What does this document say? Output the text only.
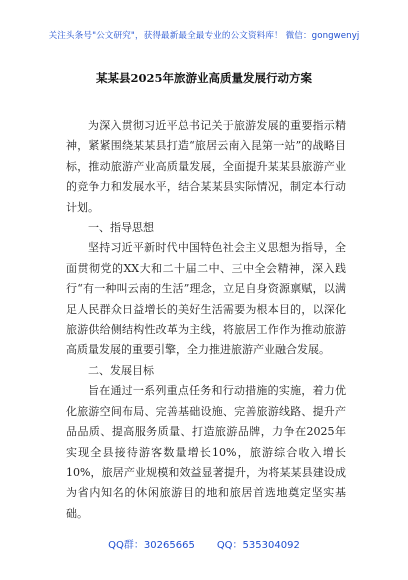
关注头条号"公文研究"，获得最新最全最专业的公文资料库！ 微信：gongwenyj
某某县2025年旅游业高质量发展行动方案

为深入贯彻习近平总书记关于旅游发展的重要指示精神，紧紧围绕某某县打造“旅居云南入昆第一站”的战略目标，推动旅游产业高质量发展，全面提升某某县旅游产业的竞争力和发展水平，结合某某县实际情况，制定本行动计划。

一、指导思想

坚持习近平新时代中国特色社会主义思想为指导，全面贯彻党的XX大和二十届二中、三中全会精神，深入践行“有一种叫云南的生活”理念，立足自身资源禀赋，以满足人民群众日益增长的美好生活需要为根本目的，以深化旅游供给侧结构性改革为主线，将旅居工作作为推动旅游高质量发展的重要引擎，全力推进旅游产业融合发展。

二、发展目标

旨在通过一系列重点任务和行动措施的实施，着力优化旅游空间布局、完善基础设施、完善旅游线路、提升产品品质、提高服务质量、打造旅游品牌，力争在2025年实现全县接待游客数量增长10%，旅游综合收入增长10%，旅居产业规模和效益显著提升，为将某某县建设成为省内知名的休闲旅游目的地和旅居首选地奠定坚实基础。

QQ群：30265665 QQ：535304092
